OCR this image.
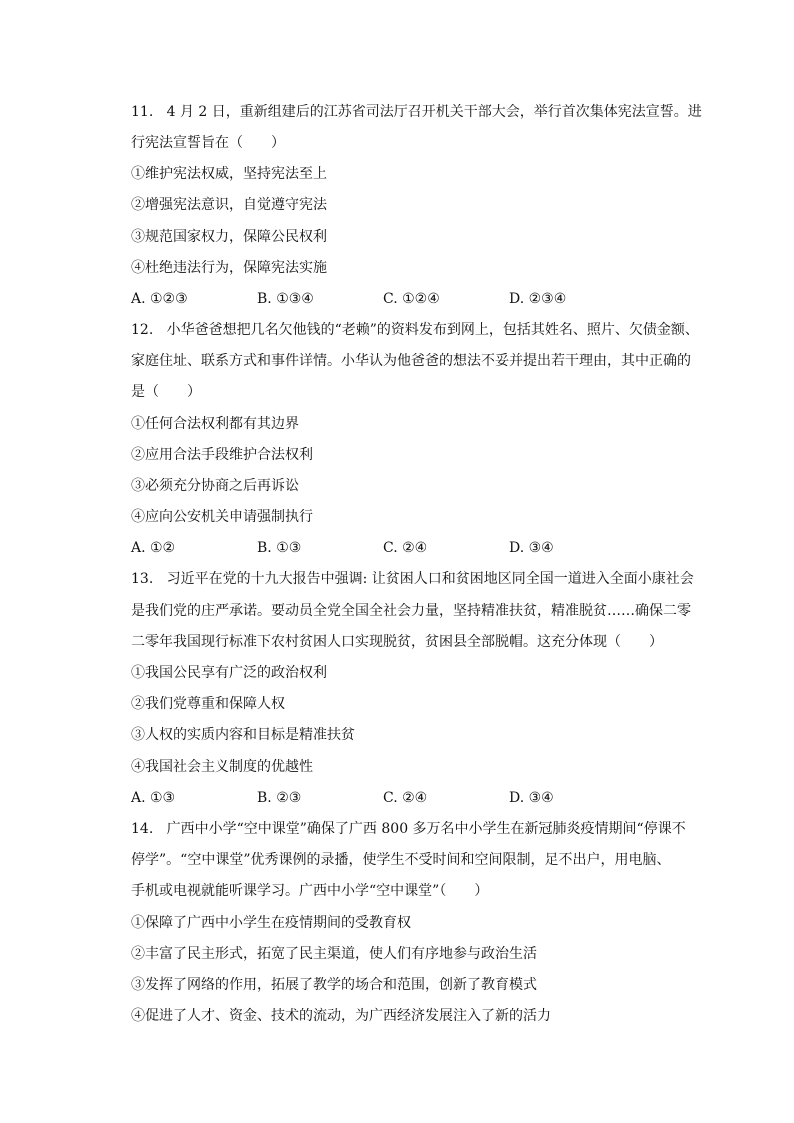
11.   4 月 2 日，重新组建后的江苏省司法厅召开机关干部大会，举行首次集体宪法宣誓。进
行宪法宣誓旨在（　　）
①维护宪法权威，坚持宪法至上
②增强宪法意识，自觉遵守宪法
③规范国家权力，保障公民权利
④杜绝违法行为，保障宪法实施
A. ①②③	B. ①③④	C. ①②④	D. ②③④
12.   小华爸爸想把几名欠他钱的“老赖”的资料发布到网上，包括其姓名、照片、欠债金额、
家庭住址、联系方式和事件详情。小华认为他爸爸的想法不妥并提出若干理由，其中正确的
是（　　）
①任何合法权利都有其边界
②应用合法手段维护合法权利
③必须充分协商之后再诉讼
④应向公安机关申请强制执行
A. ①②	B. ①③	C. ②④	D. ③④
13.   习近平在党的十九大报告中强调: 让贫困人口和贫困地区同全国一道进入全面小康社会
是我们党的庄严承诺。要动员全党全国全社会力量，坚持精准扶贫，精准脱贫……确保二零
二零年我国现行标准下农村贫困人口实现脱贫，贫困县全部脱帽。这充分体现（　　）
①我国公民享有广泛的政治权利
②我们党尊重和保障人权
③人权的实质内容和目标是精准扶贫
④我国社会主义制度的优越性
A. ①③	B. ②③	C. ②④	D. ③④
14.   广西中小学“空中课堂”确保了广西 800 多万名中小学生在新冠肺炎疫情期间“停课不
停学”。“空中课堂”优秀课例的录播，使学生不受时间和空间限制，足不出户，用电脑、
手机或电视就能听课学习。广西中小学“空中课堂”（　　）
①保障了广西中小学生在疫情期间的受教育权
②丰富了民主形式，拓宽了民主渠道，使人们有序地参与政治生活
③发挥了网络的作用，拓展了教学的场合和范围，创新了教育模式
④促进了人才、资金、技术的流动，为广西经济发展注入了新的活力
